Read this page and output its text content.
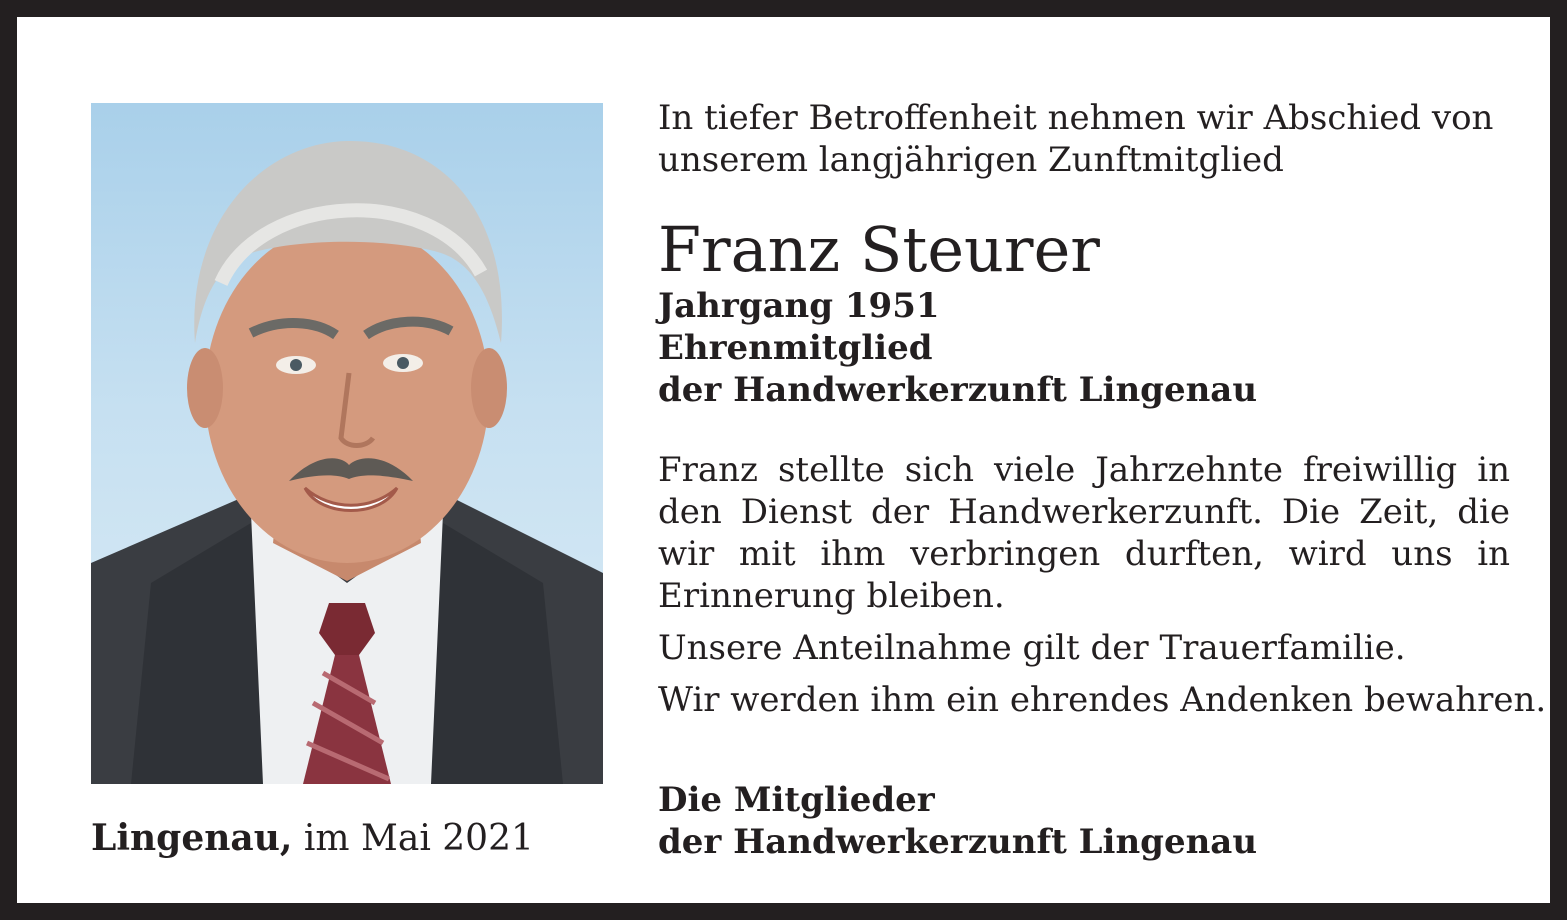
Lingenau, im Mai 2021
In tiefer Betroffenheit nehmen wir Abschied von
unserem langjährigen Zunftmitglied
Franz Steurer
Jahrgang 1951
Ehrenmitglied
der Handwerkerzunft Lingenau
Franz stellte sich viele Jahrzehnte freiwillig in den Dienst der Handwerkerzunft. Die Zeit, die wir mit ihm verbringen durften, wird uns in Erinnerung bleiben.
Unsere Anteilnahme gilt der Trauerfamilie.
Wir werden ihm ein ehrendes Andenken bewahren.
Die Mitglieder
der Handwerkerzunft Lingenau
